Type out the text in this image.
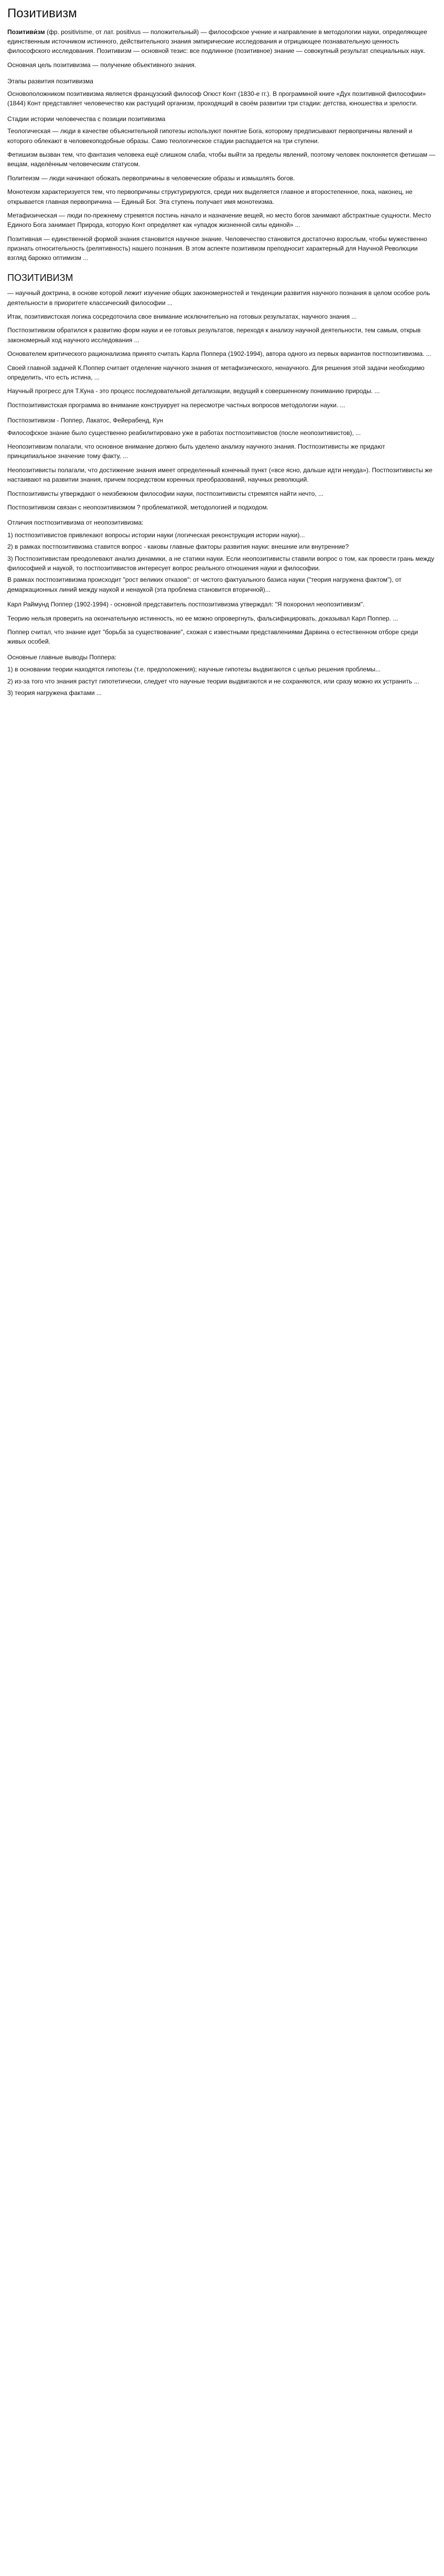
Позитивизм

Позитиви́зм (фр. positivisme, от лат. positivus — положительный) — философское учение и направление в методологии науки, определяющее единственным источником истинного, действительного знания эмпирические исследования и отрицающее познавательную ценность философского исследования. Позитивизм — основной тезис: все подлинное (позитивное) знание — совокупный результат специальных наук.

Основная цель позитивизма — получение объективного знания.

Этапы развития позитивизма

Основоположником позитивизма является французский философ Огюст Конт (1830-е гг.). В программной книге «Дух позитивной философии» (1844) Конт представляет человечество как растущий организм, проходящий в своём развитии три стадии: детства, юношества и зрелости.

Стадии истории человечества с позиции позитивизма

Теологическая — люди в качестве объяснительной гипотезы используют понятие Бога, которому предписывают первопричины явлений и которого облекают в человекоподобные образы. Само теологическое стадии распадается на три ступени.

Фетишизм вызван тем, что фантазия человека ещё слишком слаба, чтобы выйти за пределы явлений, поэтому человек поклоняется фетишам — вещам, наделённым человеческим статусом.

Политеизм — люди начинают обожать первопричины в человеческие образы и измышлять богов.

Монотеизм характеризуется тем, что первопричины структурируются, среди них выделяется главное и второстепенное, пока, наконец, не открывается главная первопричина — Единый Бог. Эта ступень получает имя монотеизма.

Метафизическая — люди по-прежнему стремятся постичь начало и назначение вещей, но место богов занимают абстрактные сущности. Место Единого Бога занимает Природа, которую Конт определяет как «упадок жизненной силы единой» ...

Позитивная — единственной формой знания становится научное знание. Человечество становится достаточно взрослым, чтобы мужественно признать относительность (релятивность) нашего познания. В этом аспекте позитивизм преподносит характерный для Научной Революции взгляд барокко оптимизм ...

ПОЗИТИВИЗМ

— научный доктрина, в основе которой лежит изучение общих закономерностей и тенденции развития научного познания в целом особое роль деятельности в приоритете классический философии ...

Итак, позитивистская логика сосредоточила свое внимание исключительно на готовых результатах, научного знания ...

Постпозитивизм обратился к развитию форм науки и ее готовых результатов, переходя к анализу научной деятельности, тем самым, открыв закономерный ход научного исследования ...

Основателем критического рационализма принято считать Карла Поппера (1902-1994), автора одного из первых вариантов постпозитивизма. ...

Своей главной задачей К.Поппер считает отделение научного знания от метафизического, ненаучного. Для решения этой задачи необходимо определить, что есть истина, ...

Научный прогресс для Т.Куна - это процесс последовательной детализации, ведущий к совершенному пониманию природы. ...

Постпозитивистская программа во внимание конструирует на пересмотре частных вопросов методологии науки. ...

Постпозитивизм - Поппер, Лакатос, Фейерабенд, Кун

Философское знание было существенно реабилитировано уже в работах постпозитивистов (после неопозитивистов), ...

Неопозитивизм полагали, что основное внимание должно быть уделено анализу научного знания. Постпозитивисты же придают принципиальное значение тому факту, ...

Неопозитивисты полагали, что достижение знания имеет определенный конечный пункт («все ясно, дальше идти некуда»). Постпозитивисты же настаивают на развитии знания, причем посредством коренных преобразований, научных революций.

Постпозитивисты утверждают о неизбежном философии науки, постпозитивисты стремятся найти нечто, ...

Постпозитивизм связан с неопозитивизмом ? проблематикой, методологией и подходом.

Отличия постпозитивизма от неопозитивизма:

1) постпозитивистов привлекают вопросы истории науки (логическая реконструкция истории науки)...
2) в рамках постпозитивизма ставится вопрос - каковы главные факторы развития науки: внешние или внутренние?
3) Постпозитивистам преодолевают анализ динамики, а не статики науки. Если неопозитивисты ставили вопрос о том, как провести грань между философией и наукой, то постпозитивистов интересует вопрос реального отношения науки и философии.
В рамках постпозитивизма происходит "рост великих отказов": от чистого фактуального базиса науки ("теория нагружена фактом"), от демаркационных линий между наукой и ненаукой (эта проблема становится вторичной)...

Карл Раймунд Поппер (1902-1994) - основной представитель постпозитивизма утверждал: "Я похоронил неопозитивизм".

Теорию нельзя проверить на окончательную истинность, но ее можно опровергнуть, фальсифицировать, доказывал Карл Поппер. ...

Поппер считал, что знание идет "борьба за существование", схожая с известными представлениями Дарвина о естественном отборе среди живых особей.

Основные главные выводы Поппера:

1) в основании теории находятся гипотезы (т.е. предположения); научные гипотезы выдвигаются с целью решения проблемы...
2) из-за того что знания растут гипотетически, следует что научные теории выдвигаются и не сохраняются, или сразу можно их устранить ...
3) теория нагружена фактами ...
